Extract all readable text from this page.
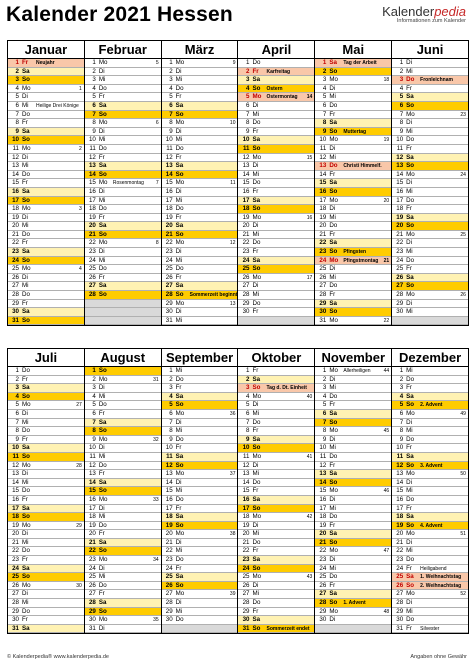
Kalender 2021 Hessen	Kalenderpedia
Informationen zum Kalender
Januar	Februar	März	April	Mai	Juni
1 Fr Neujahr
2 Sa
3 So
4 Mo	1
5 Di
6 Mi Heilige Drei Könige
7 Do
8 Fr
9 Sa
10 So
11 Mo	2
12 Di
13 Mi
14 Do
15 Fr
16 Sa
17 So
18 Mo	3
19 Di
20 Mi
21 Do
22 Fr
23 Sa
24 So
25 Mo	4
26 Di
27 Mi
28 Do
29 Fr
30 Sa
31 So
1 Mo	5
2 Di
3 Mi
4 Do
5 Fr
6 Sa
7 So
8 Mo	6
9 Di
10 Mi
11 Do
12 Fr
13 Sa
14 So
15 Mo Rosenmontag 7
16 Di
17 Mi
18 Do
19 Fr
20 Sa
21 So
22 Mo	8
23 Di
24 Mi
25 Do
26 Fr
27 Sa
28 So
1 Mo	9
2 Di
3 Mi
4 Do
5 Fr
6 Sa
7 So
8 Mo	10
9 Di
10 Mi
11 Do
12 Fr
13 Sa
14 So
15 Mo	11
16 Di
17 Mi
18 Do
19 Fr
20 Sa
21 So
22 Mo	12
23 Di
24 Mi
25 Do
26 Fr
27 Sa
28 So Sommerzeit beginnt
29 Mo	13
30 Di
31 Mi
1 Do
2 Fr Karfreitag
3 Sa
4 So Ostern
5 Mo Ostermontag 14
6 Di
7 Mi
8 Do
9 Fr
10 Sa
11 So
12 Mo	15
13 Di
14 Mi
15 Do
16 Fr
17 Sa
18 So
19 Mo	16
20 Di
21 Mi
22 Do
23 Fr
24 Sa
25 So
26 Mo	17
27 Di
28 Mi
29 Do
30 Fr
1 Sa Tag der Arbeit
2 So
3 Mo	18
4 Di
5 Mi
6 Do
7 Fr
8 Sa
9 So Muttertag
10 Mo	19
11 Di
12 Mi
13 Do Christi Himmelf.
14 Fr
15 Sa
16 So
17 Mo	20
18 Di
19 Mi
20 Do
21 Fr
22 Sa
23 So Pfingsten
24 Mo Pfingstmontag 21
25 Di
26 Mi
27 Do
28 Fr
29 Sa
30 So
31 Mo	22
1 Di
2 Mi
3 Do Fronleichnam
4 Fr
5 Sa
6 So
7 Mo	23
8 Di
9 Mi
10 Do
11 Fr
12 Sa
13 So
14 Mo	24
15 Di
16 Mi
17 Do
18 Fr
19 Sa
20 So
21 Mo	25
22 Di
23 Mi
24 Do
25 Fr
26 Sa
27 So
28 Mo	26
29 Di
30 Mi
Juli	August	September	Oktober	November	Dezember
1 Do
2 Fr
3 Sa
4 So
5 Mo	27
6 Di
7 Mi
8 Do
9 Fr
10 Sa
11 So
12 Mo	28
13 Di
14 Mi
15 Do
16 Fr
17 Sa
18 So
19 Mo	29
20 Di
21 Mi
22 Do
23 Fr
24 Sa
25 So
26 Mo	30
27 Di
28 Mi
29 Do
30 Fr
31 Sa
1 So
2 Mo	31
3 Di
4 Mi
5 Do
6 Fr
7 Sa
8 So
9 Mo	32
10 Di
11 Mi
12 Do
13 Fr
14 Sa
15 So
16 Mo	33
17 Di
18 Mi
19 Do
20 Fr
21 Sa
22 So
23 Mo	34
24 Di
25 Mi
26 Do
27 Fr
28 Sa
29 So
30 Mo	35
31 Di
1 Mi
2 Do
3 Fr
4 Sa
5 So
6 Mo	36
7 Di
8 Mi
9 Do
10 Fr
11 Sa
12 So
13 Mo	37
14 Di
15 Mi
16 Do
17 Fr
18 Sa
19 So
20 Mo	38
21 Di
22 Mi
23 Do
24 Fr
25 Sa
26 So
27 Mo	39
28 Di
29 Mi
30 Do
1 Fr
2 Sa
3 So Tag d. Dt. Einheit
4 Mo	40
5 Di
6 Mi
7 Do
8 Fr
9 Sa
10 So
11 Mo	41
12 Di
13 Mi
14 Do
15 Fr
16 Sa
17 So
18 Mo	42
19 Di
20 Mi
21 Do
22 Fr
23 Sa
24 So
25 Mo	43
26 Di
27 Mi
28 Do
29 Fr
30 Sa
31 So Sommerzeit endet
1 Mo Allerheiligen	44
2 Di
3 Mi
4 Do
5 Fr
6 Sa
7 So
8 Mo	45
9 Di
10 Mi
11 Do
12 Fr
13 Sa
14 So
15 Mo	46
16 Di
17 Mi
18 Do
19 Fr
20 Sa
21 So
22 Mo	47
23 Di
24 Mi
25 Do
26 Fr
27 Sa
28 So 1. Advent
29 Mo	48
30 Di
1 Mi
2 Do
3 Fr
4 Sa
5 So 2. Advent
6 Mo	49
7 Di
8 Mi
9 Do
10 Fr
11 Sa
12 So 3. Advent
13 Mo	50
14 Di
15 Mi
16 Do
17 Fr
18 Sa
19 So 4. Advent
20 Mo	51
21 Di
22 Mi
23 Do
24 Fr Heiligabend
25 Sa 1. Weihnachtstag
26 So 2. Weihnachtstag
27 Mo	52
28 Di
29 Mi
30 Do
31 Fr Silvester
© Kalenderpedia® www.kalenderpedia.de	Angaben ohne Gewähr
